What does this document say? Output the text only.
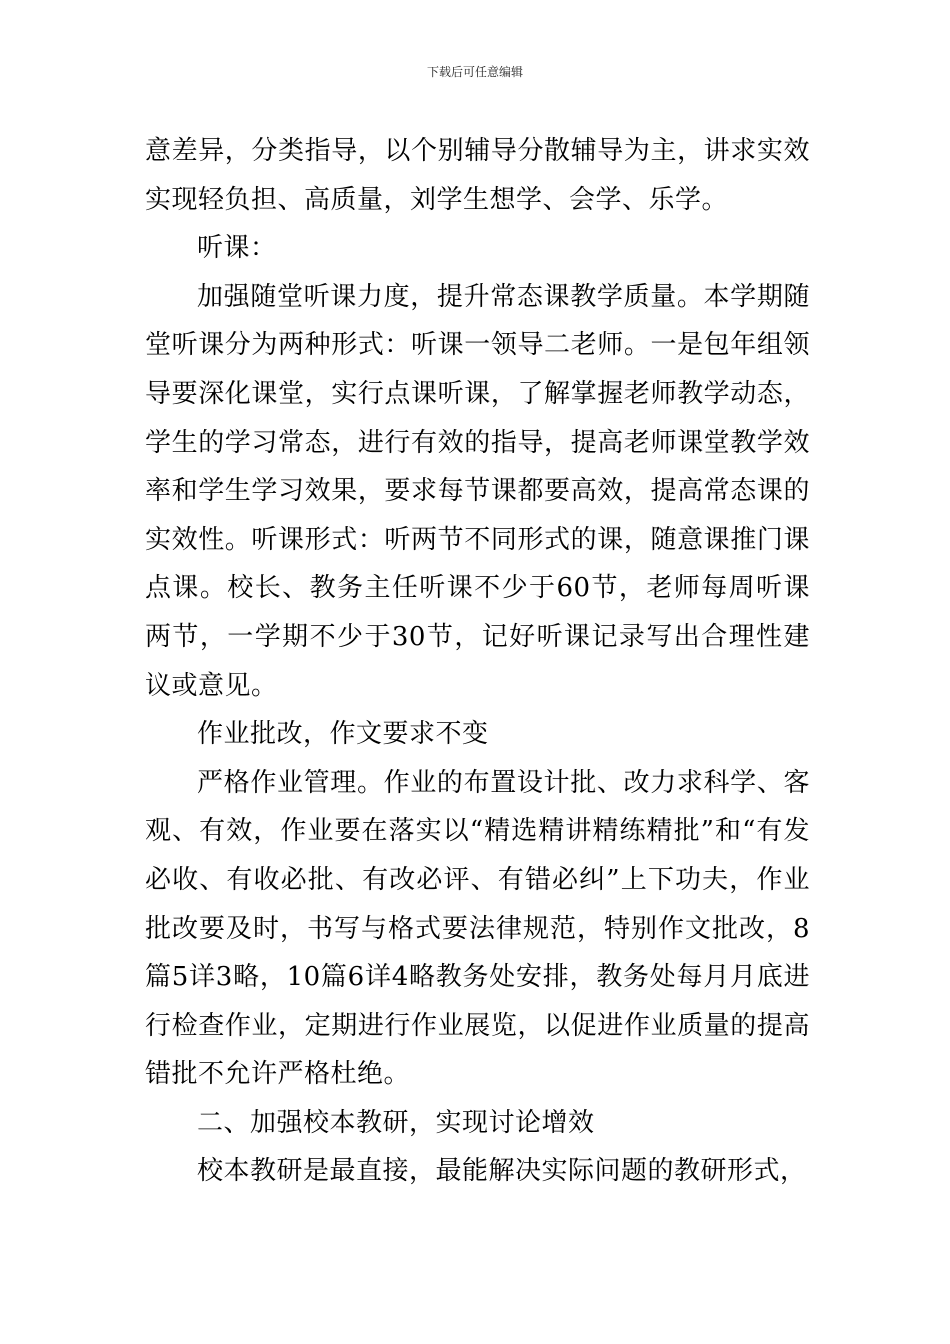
下载后可任意编辑

意差异，分类指导，以个别辅导分散辅导为主，讲求实效实现轻负担、高质量，刘学生想学、会学、乐学。

听课：

加强随堂听课力度，提升常态课教学质量。本学期随堂听课分为两种形式：听课一领导二老师。一是包年组领导要深化课堂，实行点课听课，了解掌握老师教学动态，学生的学习常态，进行有效的指导，提高老师课堂教学效率和学生学习效果，要求每节课都要高效，提高常态课的实效性。听课形式：听两节不同形式的课，随意课推门课点课。校长、教务主任听课不少于60节，老师每周听课两节，一学期不少于30节，记好听课记录写出合理性建议或意见。

作业批改，作文要求不变

严格作业管理。作业的布置设计批、改力求科学、客观、有效，作业要在落实以“精选精讲精练精批”和“有发必收、有收必批、有改必评、有错必纠”上下功夫，作业批改要及时，书写与格式要法律规范，特别作文批改，8篇5详3略，10篇6详4略教务处安排，教务处每月月底进行检查作业，定期进行作业展览，以促进作业质量的提高错批不允许严格杜绝。

二、加强校本教研，实现讨论增效

校本教研是最直接，最能解决实际问题的教研形式，
